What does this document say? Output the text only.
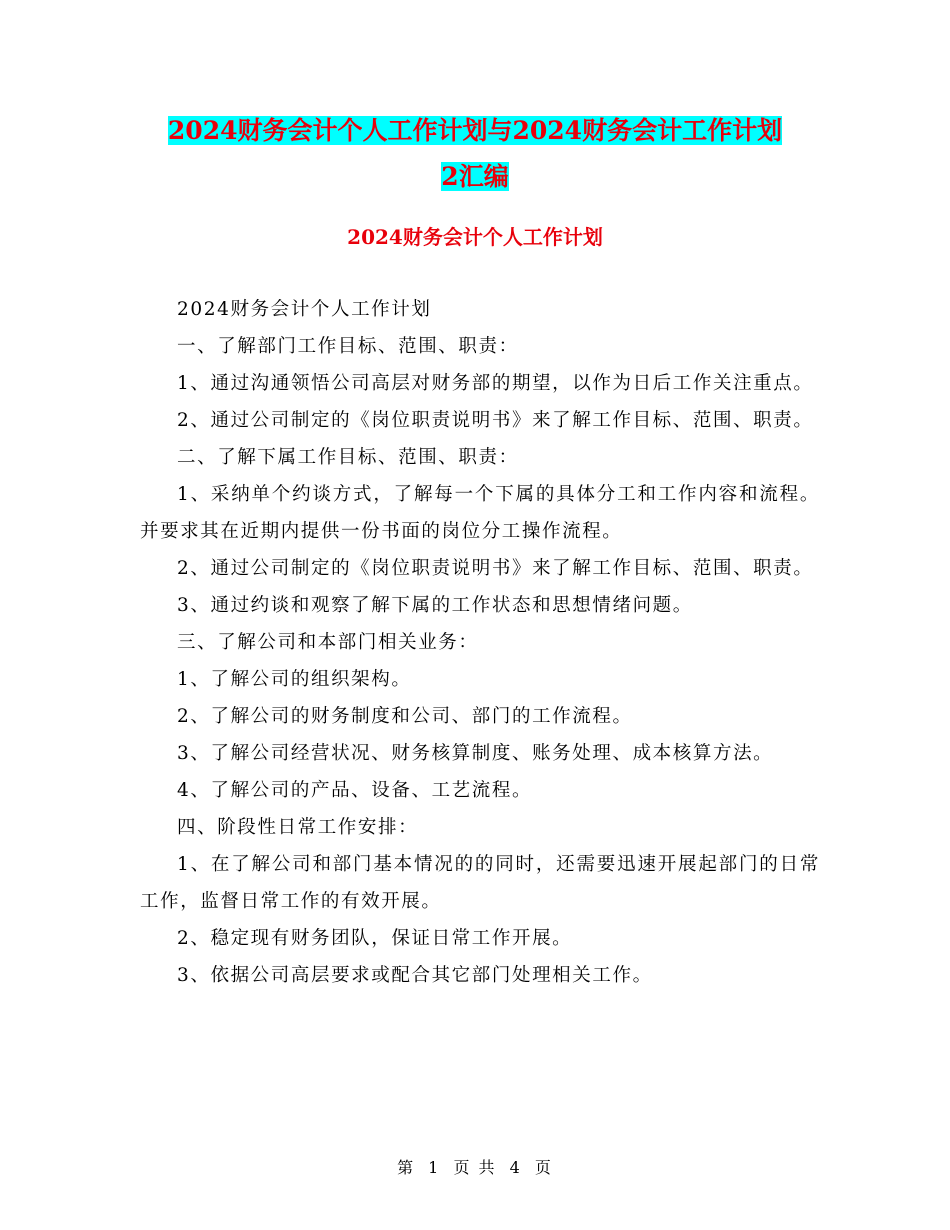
2024财务会计个人工作计划与2024财务会计工作计划
2汇编
2024财务会计个人工作计划

2024财务会计个人工作计划

一、了解部门工作目标、范围、职责：

1、通过沟通领悟公司高层对财务部的期望，以作为日后工作关注重点。

2、通过公司制定的《岗位职责说明书》来了解工作目标、范围、职责。

二、了解下属工作目标、范围、职责：

1、采纳单个约谈方式，了解每一个下属的具体分工和工作内容和流程。并要求其在近期内提供一份书面的岗位分工操作流程。

2、通过公司制定的《岗位职责说明书》来了解工作目标、范围、职责。

3、通过约谈和观察了解下属的工作状态和思想情绪问题。

三、了解公司和本部门相关业务：

1、了解公司的组织架构。

2、了解公司的财务制度和公司、部门的工作流程。

3、了解公司经营状况、财务核算制度、账务处理、成本核算方法。

4、了解公司的产品、设备、工艺流程。

四、阶段性日常工作安排：

1、在了解公司和部门基本情况的的同时，还需要迅速开展起部门的日常工作，监督日常工作的有效开展。

2、稳定现有财务团队，保证日常工作开展。

3、依据公司高层要求或配合其它部门处理相关工作。

第 1 页 共 4 页
